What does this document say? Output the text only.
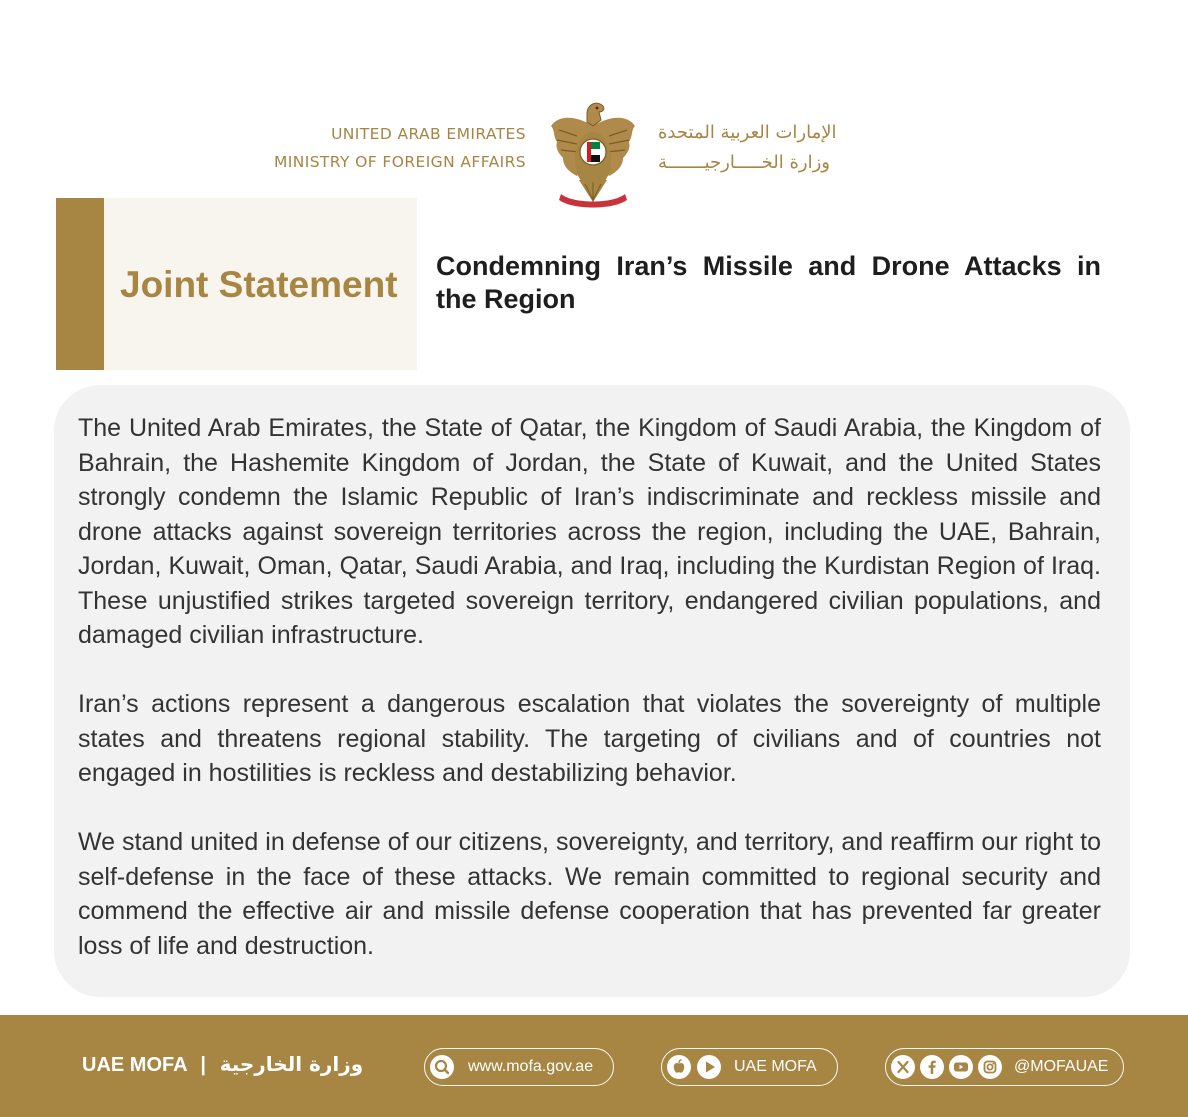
UNITED ARAB EMIRATES
MINISTRY OF FOREIGN AFFAIRS
الإمارات العربية المتحدة
وزارة الخـــــارجيـــــــة
Joint Statement Condemning Iran’s Missile and Drone Attacks in the Region

The United Arab Emirates, the State of Qatar, the Kingdom of Saudi Arabia, the Kingdom of Bahrain, the Hashemite Kingdom of Jordan, the State of Kuwait, and the United States strongly condemn the Islamic Republic of Iran’s indiscriminate and reckless missile and drone attacks against sovereign territories across the region, including the UAE, Bahrain, Jordan, Kuwait, Oman, Qatar, Saudi Arabia, and Iraq, including the Kurdistan Region of Iraq. These unjustified strikes targeted sovereign territory, endangered civilian populations, and damaged civilian infrastructure.

Iran’s actions represent a dangerous escalation that violates the sovereignty of multiple states and threatens regional stability. The targeting of civilians and of countries not engaged in hostilities is reckless and destabilizing behavior.

We stand united in defense of our citizens, sovereignty, and territory, and reaffirm our right to self-defense in the face of these attacks. We remain committed to regional security and commend the effective air and missile defense cooperation that has prevented far greater loss of life and destruction.

UAE MOFA | وزارة الخارجية	www.mofa.gov.ae	UAE MOFA	@MOFAUAE
